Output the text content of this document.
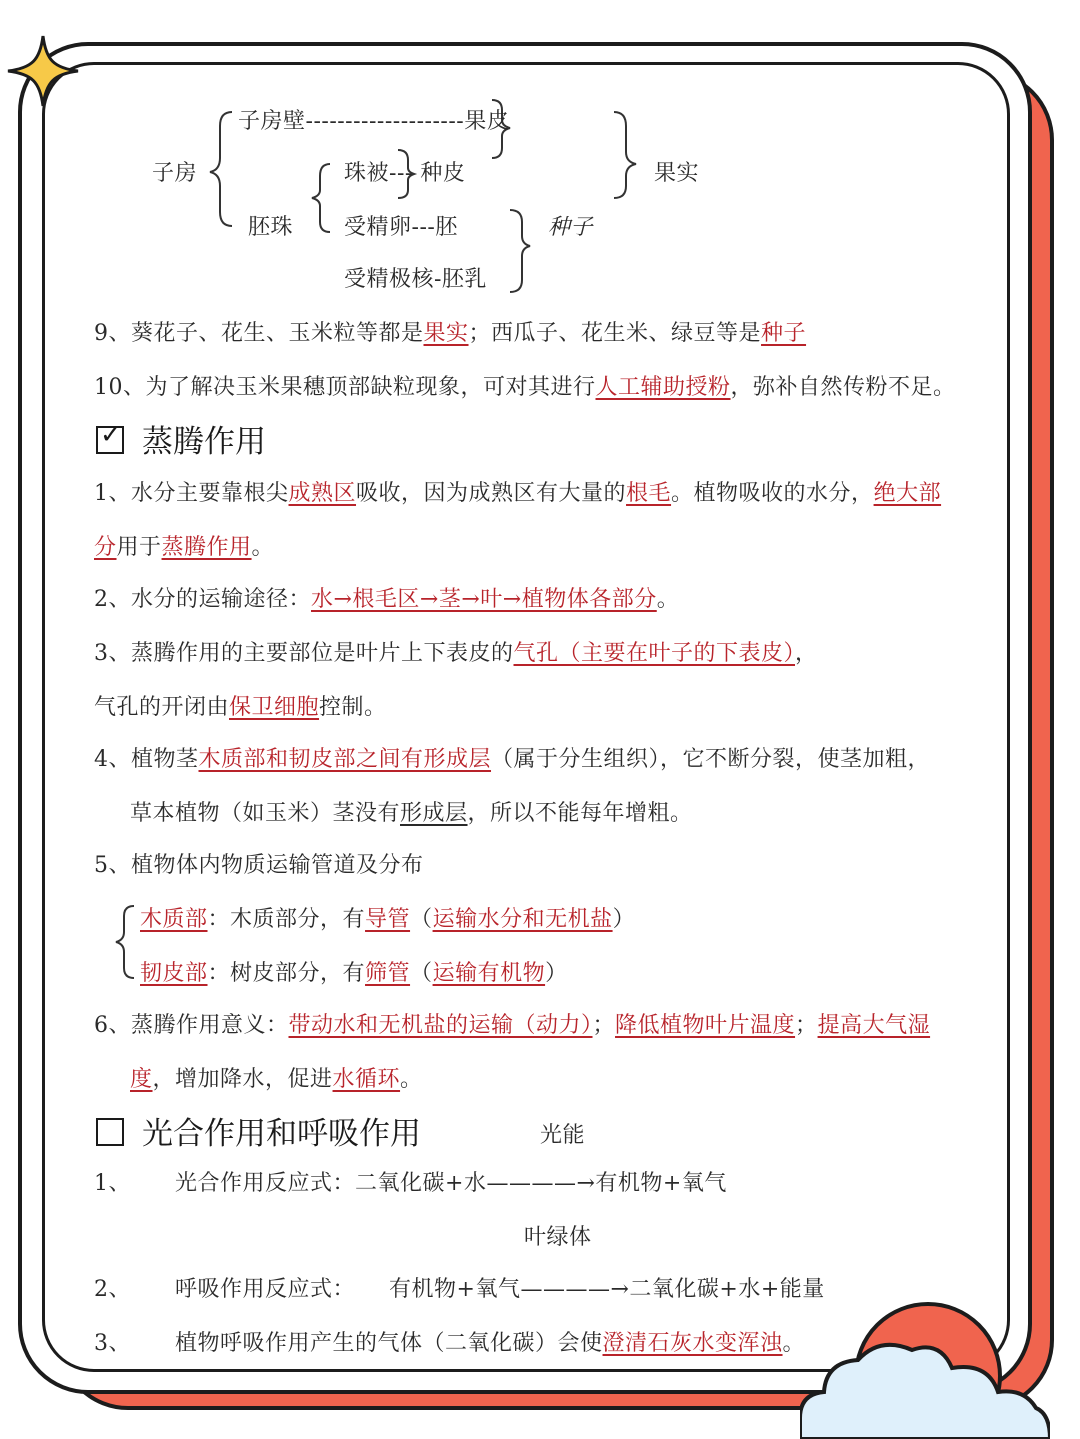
子房
子房壁--------------------果皮
果实
胚珠
珠被--- 种皮
受精卵---胚	种子
受精极核-胚乳
9、葵花子、花生、玉米粒等都是果实；西瓜子、花生米、绿豆等是种子
10、为了解决玉米果穗顶部缺粒现象，可对其进行人工辅助授粉，弥补自然传粉不足。
✓ 蒸腾作用
1、水分主要靠根尖成熟区吸收，因为成熟区有大量的根毛。植物吸收的水分，绝大部
分用于蒸腾作用。
2、水分的运输途径：水→根毛区→茎→叶→植物体各部分。
3、蒸腾作用的主要部位是叶片上下表皮的气孔（主要在叶子的下表皮），
气孔的开闭由保卫细胞控制。
4、植物茎木质部和韧皮部之间有形成层（属于分生组织），它不断分裂，使茎加粗，
草本植物（如玉米）茎没有形成层，所以不能每年增粗。
5、植物体内物质运输管道及分布
木质部：木质部分，有导管（运输水分和无机盐）
韧皮部：树皮部分，有筛管（运输有机物）
6、蒸腾作用意义：带动水和无机盐的运输（动力）；降低植物叶片温度；提高大气湿
度，增加降水，促进水循环。
光合作用和呼吸作用	光能
1、 光合作用反应式：二氧化碳+水————→有机物+氧气
叶绿体
2、 呼吸作用反应式： 有机物+氧气————→二氧化碳+水+能量
3、 植物呼吸作用产生的气体（二氧化碳）会使澄清石灰水变浑浊。
